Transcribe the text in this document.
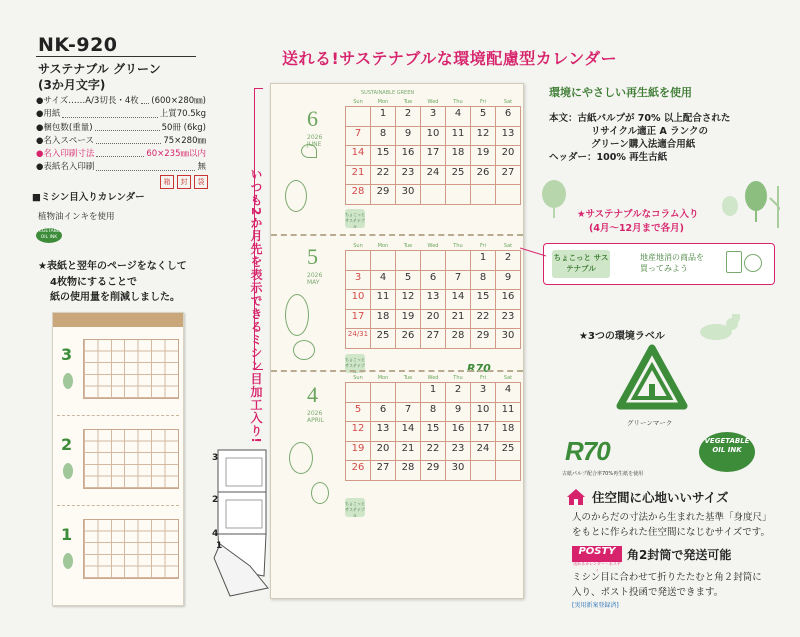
NK-920
サステナブル グリーン
(3か月文字)
●サイズ……A/3切長・4枚 (600×280㎜)
●用紙	上質70.5kg
●梱包数(重量)	50冊 (6kg)
●名入スペース	75×280㎜
●名入印刷寸法	60×235㎜以内
●表紙名入印刷	無
箱	封	袋
■ミシン目入りカレンダー
植物油インキを使用
VEGETABLE OIL INK
★表紙と翌年のページをなくして
4枚物にすることで
紙の使用量を削減しました。
3
2
1
3
2
4
1
送れる!サステナブルな環境配慮型カレンダー
いつも2か月先を表示できるミシン目加工入り!
SUSTAINABLE GREEN
6
2026
JUNE
Sun	Mon	Tue	Wed	Thu	Fri	Sat
	1	2	3	4	5	6
7	8	9	10	11	12	13
14	15	16	17	18	19	20
21	22	23	24	25	26	27
28	29	30				
ちょこっと サステナブル
5
2026
MAY
Sun	Mon	Tue	Wed	Thu	Fri	Sat
					1	2
3	4	5	6	7	8	9
10	11	12	13	14	15	16
17	18	19	20	21	22	23
24/31	25	26	27	28	29	30
ちょこっと サステナブル	R70
4
2026
APRIL
Sun	Mon	Tue	Wed	Thu	Fri	Sat
			1	2	3	4
5	6	7	8	9	10	11
12	13	14	15	16	17	18
19	20	21	22	23	24	25
26	27	28	29	30		
ちょこっと サステナブル
環境にやさしい再生紙を使用
本文：古紙パルプが 70% 以上配合された
リサイクル適正 A ランクの
グリーン購入法適合用紙
ヘッダー：100% 再生古紙
★サステナブルなコラム入り
(4月～12月まで各月)
ちょこっと サステナブル
地産地消の商品を
買ってみよう
★3つの環境ラベル
グリーンマーク
R70
古紙パルプ配合率70%再生紙を使用
VEGETABLE OIL INK
住空間に心地いいサイズ
人のからだの寸法から生まれた基準「身度尺」
をもとに作られた住空間になじむサイズです。
POSTY
送れるカレンダー・ポスティ
角2封筒で発送可能
ミシン目に合わせて折りたたむと角２封筒に
入り、ポスト投函で発送できます。
[実用新案登録済]
